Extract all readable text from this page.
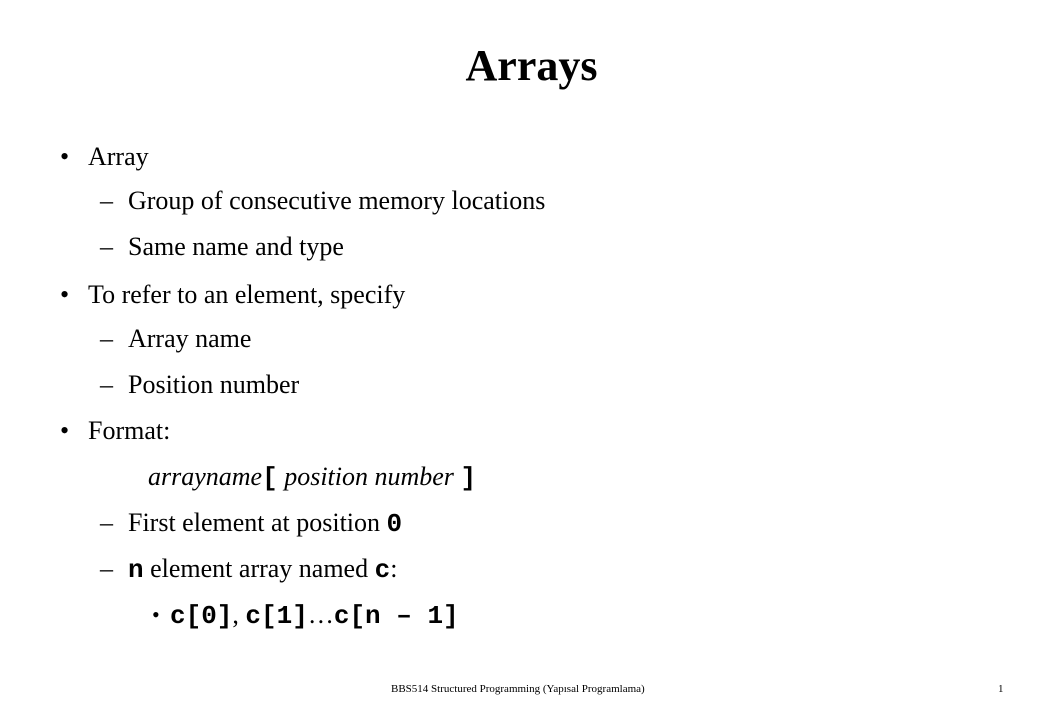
Arrays
• Array
– Group of consecutive memory locations
– Same name and type
• To refer to an element, specify
– Array name
– Position number
• Format:
arrayname[ position number ]
– First element at position 0
– n element array named c:
• c[0], c[1]…c[n – 1]
BBS514 Structured Programming (Yapısal Programlama)	1
